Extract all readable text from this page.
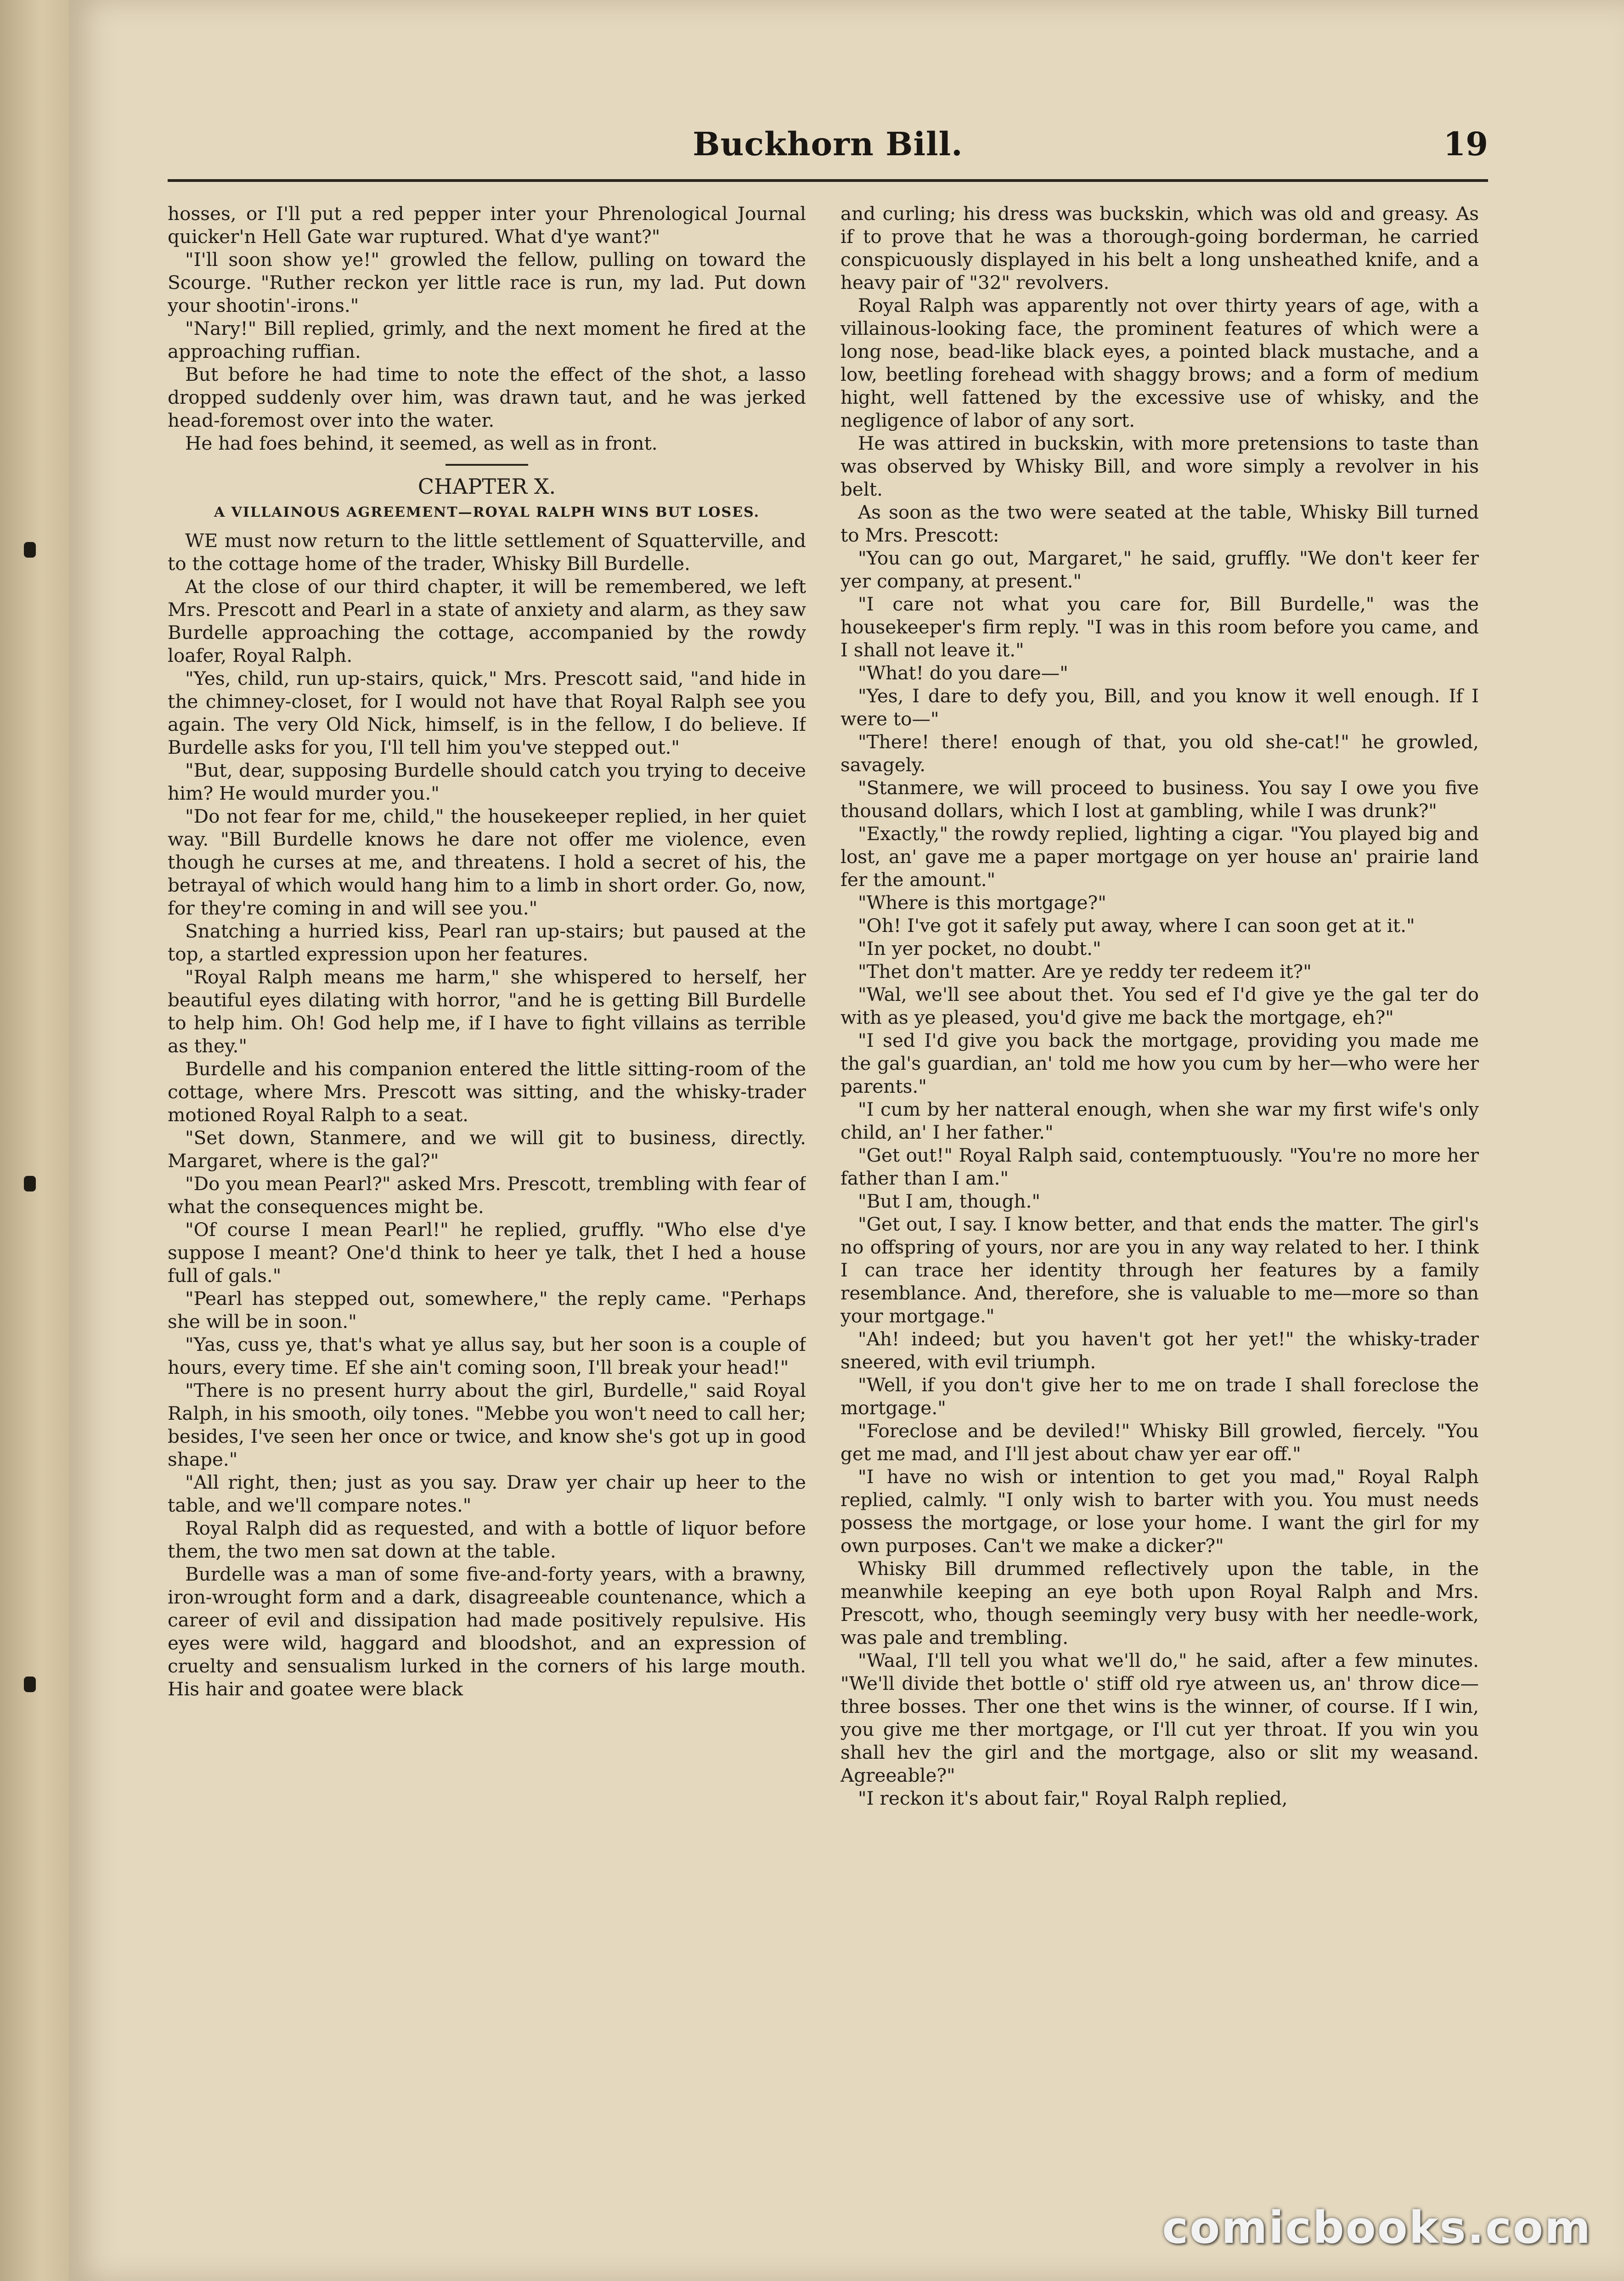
Buckhorn Bill.	19

hosses, or I'll put a red pepper inter your Phrenological Journal quicker'n Hell Gate war ruptured. What d'ye want?"

"I'll soon show ye!" growled the fellow, pulling on toward the Scourge. "Ruther reckon yer little race is run, my lad. Put down your shootin'-irons."

"Nary!" Bill replied, grimly, and the next moment he fired at the approaching ruffian.

But before he had time to note the effect of the shot, a lasso dropped suddenly over him, was drawn taut, and he was jerked head-foremost over into the water.

He had foes behind, it seemed, as well as in front.

CHAPTER X.
A VILLAINOUS AGREEMENT—ROYAL RALPH WINS BUT LOSES.

WE must now return to the little settlement of Squatterville, and to the cottage home of the trader, Whisky Bill Burdelle.

At the close of our third chapter, it will be remembered, we left Mrs. Prescott and Pearl in a state of anxiety and alarm, as they saw Burdelle approaching the cottage, accompanied by the rowdy loafer, Royal Ralph.

"Yes, child, run up-stairs, quick," Mrs. Prescott said, "and hide in the chimney-closet, for I would not have that Royal Ralph see you again. The very Old Nick, himself, is in the fellow, I do believe. If Burdelle asks for you, I'll tell him you've stepped out."

"But, dear, supposing Burdelle should catch you trying to deceive him? He would murder you."

"Do not fear for me, child," the housekeeper replied, in her quiet way. "Bill Burdelle knows he dare not offer me violence, even though he curses at me, and threatens. I hold a secret of his, the betrayal of which would hang him to a limb in short order. Go, now, for they're coming in and will see you."

Snatching a hurried kiss, Pearl ran up-stairs; but paused at the top, a startled expression upon her features.

"Royal Ralph means me harm," she whispered to herself, her beautiful eyes dilating with horror, "and he is getting Bill Burdelle to help him. Oh! God help me, if I have to fight villains as terrible as they."

Burdelle and his companion entered the little sitting-room of the cottage, where Mrs. Prescott was sitting, and the whisky-trader motioned Royal Ralph to a seat.

"Set down, Stanmere, and we will git to business, directly. Margaret, where is the gal?"

"Do you mean Pearl?" asked Mrs. Prescott, trembling with fear of what the consequences might be.

"Of course I mean Pearl!" he replied, gruffly. "Who else d'ye suppose I meant? One'd think to heer ye talk, thet I hed a house full of gals."

"Pearl has stepped out, somewhere," the reply came. "Perhaps she will be in soon."

"Yas, cuss ye, that's what ye allus say, but her soon is a couple of hours, every time. Ef she ain't coming soon, I'll break your head!"

"There is no present hurry about the girl, Burdelle," said Royal Ralph, in his smooth, oily tones. "Mebbe you won't need to call her; besides, I've seen her once or twice, and know she's got up in good shape."

"All right, then; just as you say. Draw yer chair up heer to the table, and we'll compare notes."

Royal Ralph did as requested, and with a bottle of liquor before them, the two men sat down at the table.

Burdelle was a man of some five-and-forty years, with a brawny, iron-wrought form and a dark, disagreeable countenance, which a career of evil and dissipation had made positively repulsive. His eyes were wild, haggard and bloodshot, and an expression of cruelty and sensualism lurked in the corners of his large mouth. His hair and goatee were black

and curling; his dress was buckskin, which was old and greasy. As if to prove that he was a thorough-going borderman, he carried conspicuously displayed in his belt a long unsheathed knife, and a heavy pair of "32" revolvers.

Royal Ralph was apparently not over thirty years of age, with a villainous-looking face, the prominent features of which were a long nose, bead-like black eyes, a pointed black mustache, and a low, beetling forehead with shaggy brows; and a form of medium hight, well fattened by the excessive use of whisky, and the negligence of labor of any sort.

He was attired in buckskin, with more pretensions to taste than was observed by Whisky Bill, and wore simply a revolver in his belt.

As soon as the two were seated at the table, Whisky Bill turned to Mrs. Prescott:

"You can go out, Margaret," he said, gruffly. "We don't keer fer yer company, at present."

"I care not what you care for, Bill Burdelle," was the housekeeper's firm reply. "I was in this room before you came, and I shall not leave it."

"What! do you dare—"

"Yes, I dare to defy you, Bill, and you know it well enough. If I were to—"

"There! there! enough of that, you old she-cat!" he growled, savagely.

"Stanmere, we will proceed to business. You say I owe you five thousand dollars, which I lost at gambling, while I was drunk?"

"Exactly," the rowdy replied, lighting a cigar. "You played big and lost, an' gave me a paper mortgage on yer house an' prairie land fer the amount."

"Where is this mortgage?"

"Oh! I've got it safely put away, where I can soon get at it."

"In yer pocket, no doubt."

"Thet don't matter. Are ye reddy ter redeem it?"

"Wal, we'll see about thet. You sed ef I'd give ye the gal ter do with as ye pleased, you'd give me back the mortgage, eh?"

"I sed I'd give you back the mortgage, providing you made me the gal's guardian, an' told me how you cum by her—who were her parents."

"I cum by her natteral enough, when she war my first wife's only child, an' I her father."

"Get out!" Royal Ralph said, contemptuously. "You're no more her father than I am."

"But I am, though."

"Get out, I say. I know better, and that ends the matter. The girl's no offspring of yours, nor are you in any way related to her. I think I can trace her identity through her features by a family resemblance. And, therefore, she is valuable to me—more so than your mortgage."

"Ah! indeed; but you haven't got her yet!" the whisky-trader sneered, with evil triumph.

"Well, if you don't give her to me on trade I shall foreclose the mortgage."

"Foreclose and be deviled!" Whisky Bill growled, fiercely. "You get me mad, and I'll jest about chaw yer ear off."

"I have no wish or intention to get you mad," Royal Ralph replied, calmly. "I only wish to barter with you. You must needs possess the mortgage, or lose your home. I want the girl for my own purposes. Can't we make a dicker?"

Whisky Bill drummed reflectively upon the table, in the meanwhile keeping an eye both upon Royal Ralph and Mrs. Prescott, who, though seemingly very busy with her needle-work, was pale and trembling.

"Waal, I'll tell you what we'll do," he said, after a few minutes. "We'll divide thet bottle o' stiff old rye atween us, an' throw dice—three bosses. Ther one thet wins is the winner, of course. If I win, you give me ther mortgage, or I'll cut yer throat. If you win you shall hev the girl and the mortgage, also or slit my weasand. Agreeable?"

"I reckon it's about fair," Royal Ralph replied,

comicbooks.com
